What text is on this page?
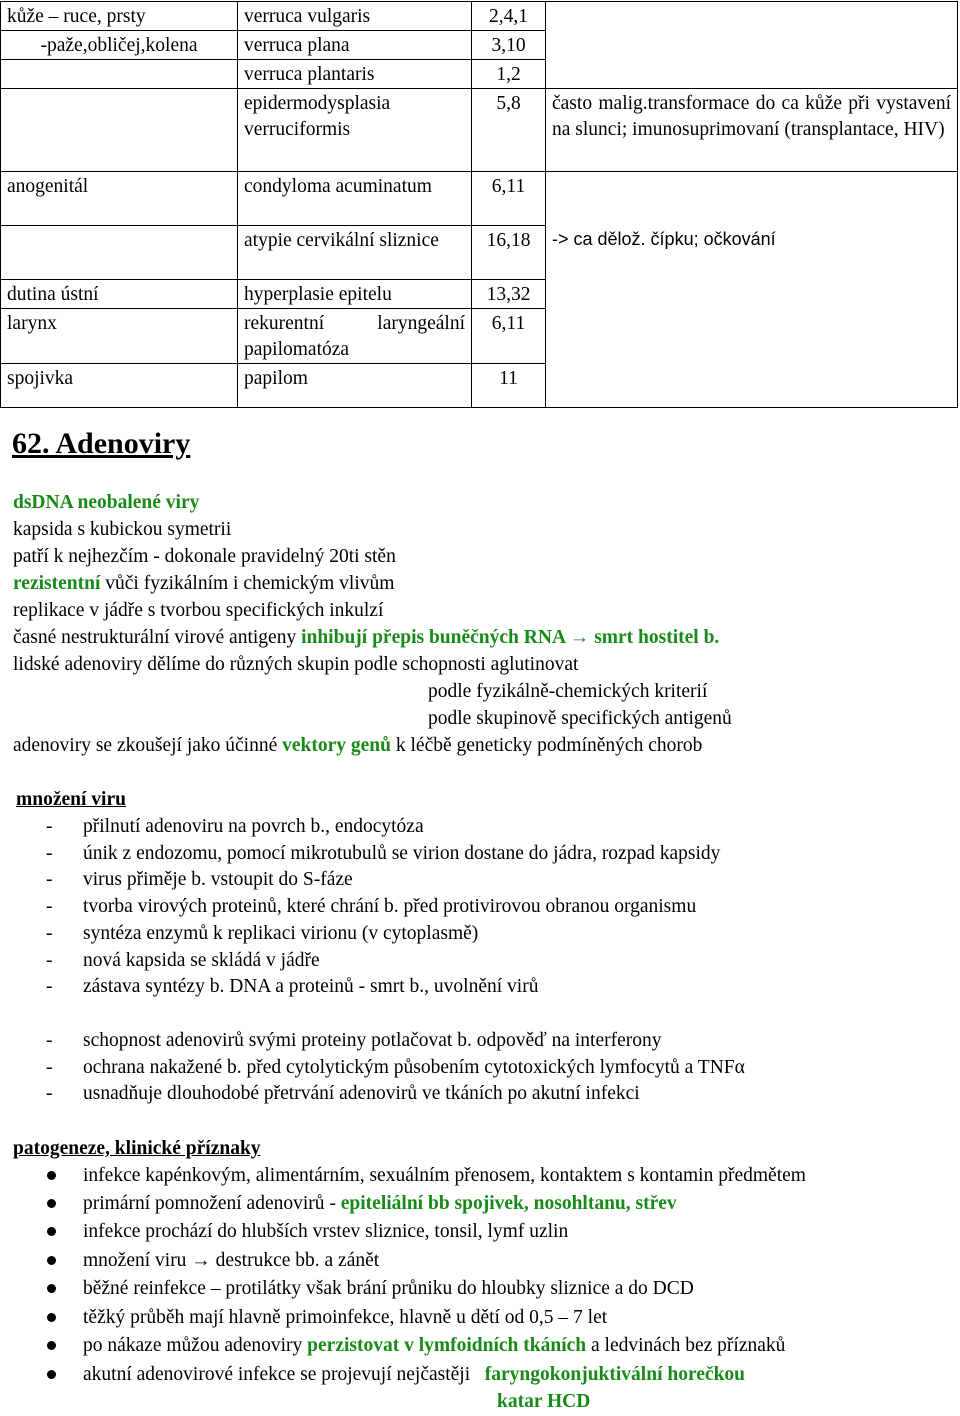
kůže – ruce, prsty	verruca vulgaris	2,4,1	
-paže,obličej,kolena	verruca plana	3,10	
	verruca plantaris	1,2	
	epidermodysplasia verruciformis	5,8	často malig.transformace do ca kůže při vystavení na slunci; imunosuprimovaní (transplantace, HIV)
anogenitál	condyloma acuminatum	6,11	-> ca dělož. čípku; očkování

	atypie cervikální sliznice	16,18	
dutina ústní	hyperplasie epitelu	13,32	
larynx	rekurentní laryngeální papilomatóza	6,11	
spojivka	papilom	11	
62. Adenoviry
dsDNA neobalené viry
kapsida s kubickou symetrii
patří k nejhezčím - dokonale pravidelný 20ti stěn
rezistentní vůči fyzikálním i chemickým vlivům
replikace v jádře s tvorbou specifických inkulzí
časné nestrukturální virové antigeny inhibují přepis buněčných RNA → smrt hostitel b.
lidské adenoviry dělíme do různých skupin podle schopnosti aglutinovat
podle fyzikálně-chemických kriterií
podle skupinově specifických antigenů
adenoviry se zkoušejí jako účinné vektory genů k léčbě geneticky podmíněných chorob
množení viru
- přilnutí adenoviru na povrch b., endocytóza
- únik z endozomu, pomocí mikrotubulů se virion dostane do jádra, rozpad kapsidy
- virus přiměje b. vstoupit do S-fáze
- tvorba virových proteinů, které chrání b. před protivirovou obranou organismu
- syntéza enzymů k replikaci virionu (v cytoplasmě)
- nová kapsida se skládá v jádře
- zástava syntézy b. DNA a proteinů - smrt b., uvolnění virů
- schopnost adenovirů svými proteiny potlačovat b. odpověď na interferony
- ochrana nakažené b. před cytolytickým působením cytotoxických lymfocytů a TNFα
- usnadňuje dlouhodobé přetrvání adenovirů ve tkáních po akutní infekci
patogeneze, klinické příznaky
infekce kapénkovým, alimentárním, sexuálním přenosem, kontaktem s kontamin předmětem
primární pomnožení adenovirů - epiteliální bb spojivek, nosohltanu, střev
infekce prochází do hlubších vrstev sliznice, tonsil, lymf uzlin
množení viru → destrukce bb. a zánět
běžné reinfekce – protilátky však brání průniku do hloubky sliznice a do DCD
těžký průběh mají hlavně primoinfekce, hlavně u dětí od 0,5 – 7 let
po nákaze můžou adenoviry perzistovat v lymfoidních tkáních a ledvinách bez příznaků
akutní adenovirové infekce se projevují nejčastěji   faryngokonjuktivální horečkou
katar HCD
